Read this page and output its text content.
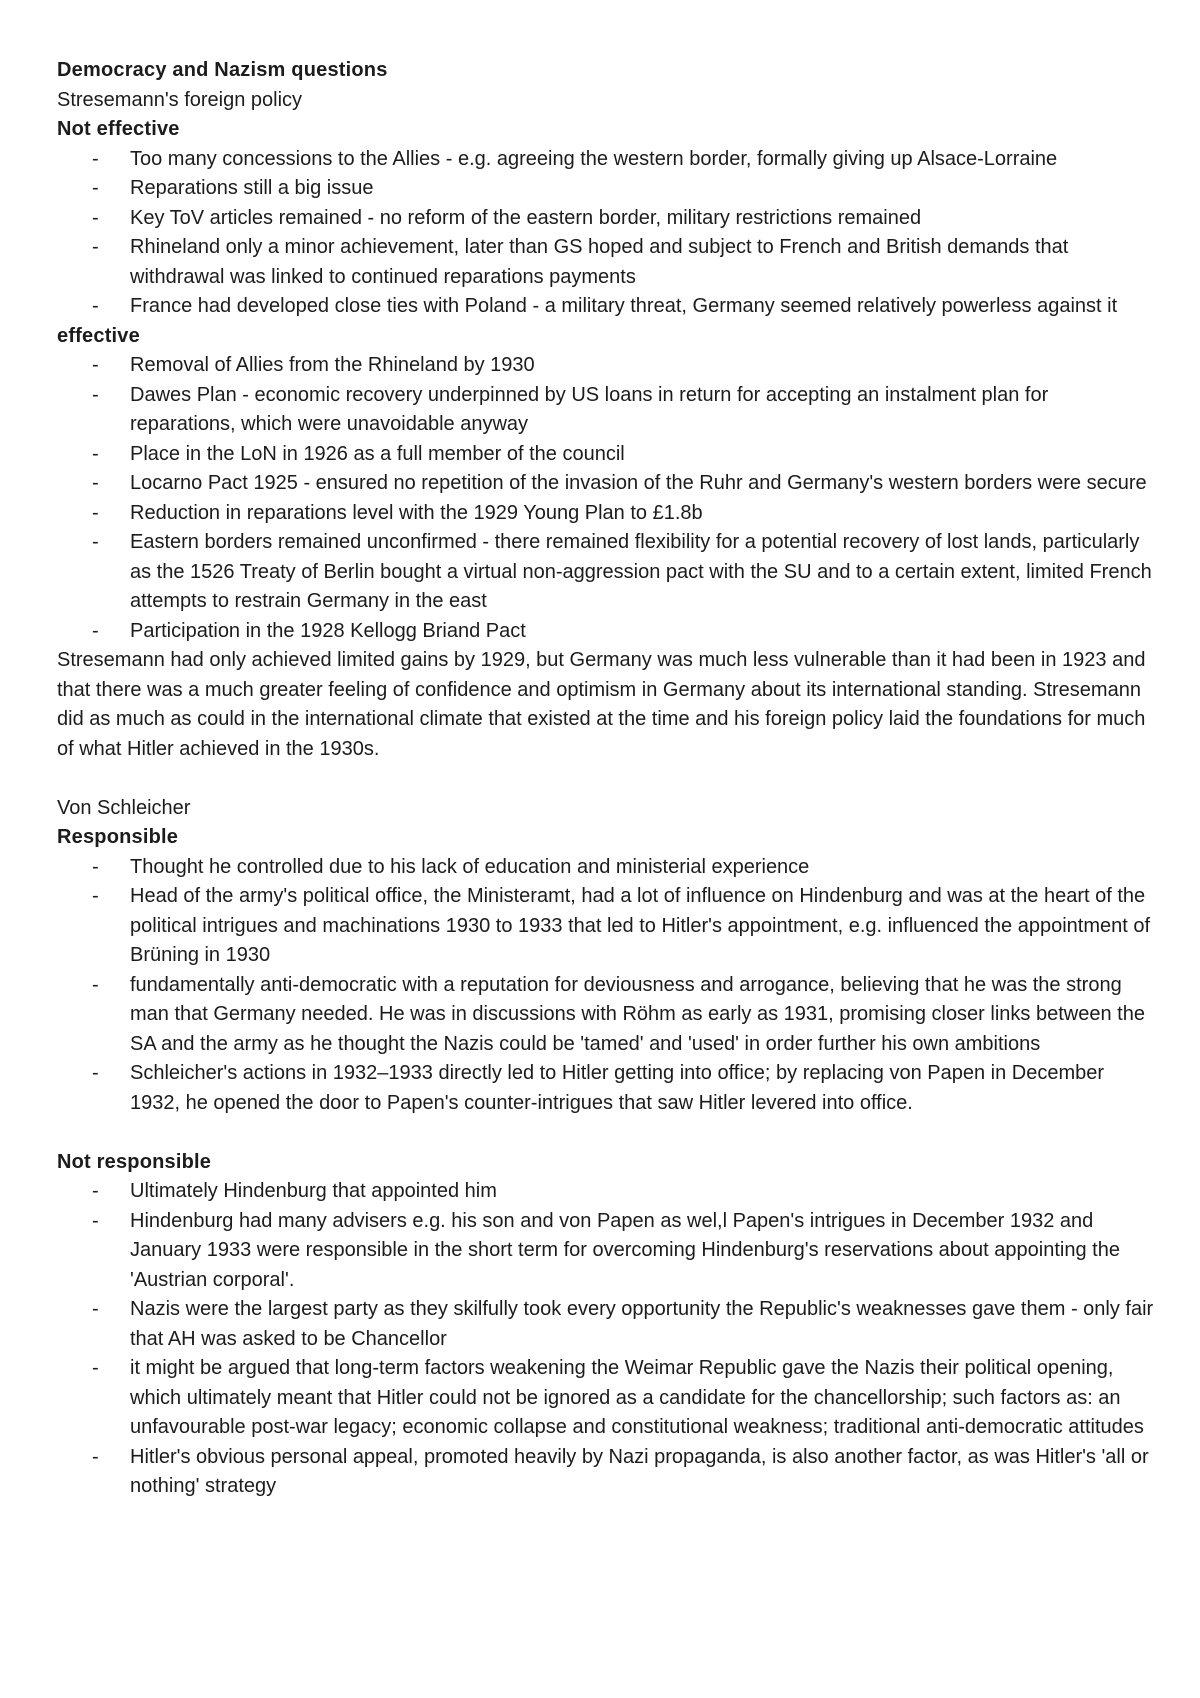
Democracy and Nazism questions

Stresemann's foreign policy

Not effective

- Too many concessions to the Allies - e.g. agreeing the western border, formally giving up Alsace-Lorraine
- Reparations still a big issue
- Key ToV articles remained - no reform of the eastern border, military restrictions remained
- Rhineland only a minor achievement, later than GS hoped and subject to French and British demands that withdrawal was linked to continued reparations payments
- France had developed close ties with Poland - a military threat, Germany seemed relatively powerless against it

effective

- Removal of Allies from the Rhineland by 1930
- Dawes Plan - economic recovery underpinned by US loans in return for accepting an instalment plan for reparations, which were unavoidable anyway
- Place in the LoN in 1926 as a full member of the council
- Locarno Pact 1925 - ensured no repetition of the invasion of the Ruhr and Germany's western borders were secure
- Reduction in reparations level with the 1929 Young Plan to £1.8b
- Eastern borders remained unconfirmed - there remained flexibility for a potential recovery of lost lands, particularly as the 1526 Treaty of Berlin bought a virtual non-aggression pact with the SU and to a certain extent, limited French attempts to restrain Germany in the east
- Participation in the 1928 Kellogg Briand Pact

Stresemann had only achieved limited gains by 1929, but Germany was much less vulnerable than it had been in 1923 and that there was a much greater feeling of confidence and optimism in Germany about its international standing. Stresemann did as much as could in the international climate that existed at the time and his foreign policy laid the foundations for much of what Hitler achieved in the 1930s.

Von Schleicher

Responsible

- Thought he controlled due to his lack of education and ministerial experience
- Head of the army's political office, the Ministeramt, had a lot of influence on Hindenburg and was at the heart of the political intrigues and machinations 1930 to 1933 that led to Hitler's appointment, e.g. influenced the appointment of Brüning in 1930
- fundamentally anti-democratic with a reputation for deviousness and arrogance, believing that he was the strong man that Germany needed. He was in discussions with Röhm as early as 1931, promising closer links between the SA and the army as he thought the Nazis could be 'tamed' and 'used' in order further his own ambitions
- Schleicher's actions in 1932–1933 directly led to Hitler getting into office; by replacing von Papen in December 1932, he opened the door to Papen's counter-intrigues that saw Hitler levered into office.

Not responsible

- Ultimately Hindenburg that appointed him
- Hindenburg had many advisers e.g. his son and von Papen as wel,l Papen's intrigues in December 1932 and January 1933 were responsible in the short term for overcoming Hindenburg's reservations about appointing the 'Austrian corporal'.
- Nazis were the largest party as they skilfully took every opportunity the Republic's weaknesses gave them - only fair that AH was asked to be Chancellor
- it might be argued that long-term factors weakening the Weimar Republic gave the Nazis their political opening, which ultimately meant that Hitler could not be ignored as a candidate for the chancellorship; such factors as: an unfavourable post-war legacy; economic collapse and constitutional weakness; traditional anti-democratic attitudes
- Hitler's obvious personal appeal, promoted heavily by Nazi propaganda, is also another factor, as was Hitler's 'all or nothing' strategy
